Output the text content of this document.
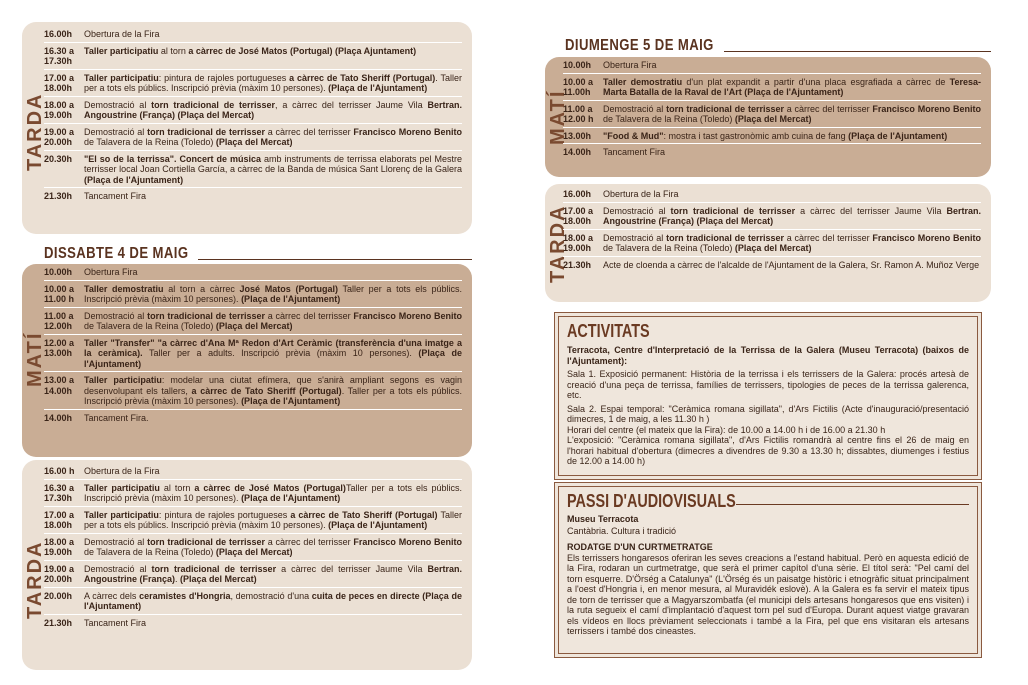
TARDA
16.00h	Obertura de la Fira
16.30 a
17.30h
Taller participatiu al torn a càrrec de José Matos (Portugal) (Plaça Ajuntament)
17.00 a
18.00h
Taller participatiu: pintura de rajoles portugueses a càrrec de Tato Sheriff (Portugal). Taller per a tots els públics. Inscripció prèvia (màxim 10 persones). (Plaça de l'Ajuntament)
18.00 a
19.00h
Demostració al torn tradicional de terrisser, a càrrec del terrisser Jaume Vila Bertran. Angoustrine (França) (Plaça del Mercat)
19.00 a
20.00h
Demostració al torn tradicional de terrisser a càrrec del terrisser Francisco Moreno Benito de Talavera de la Reina (Toledo) (Plaça del Mercat)
20.30h	"El so de la terrissa". Concert de música amb instruments de terrissa elaborats pel Mestre terrisser local Joan Cortiella García, a càrrec de la Banda de música Sant Llorenç de la Galera (Plaça de l'Ajuntament)
21.30h	Tancament Fira
DISSABTE 4 DE MAIG
MATÍ
10.00h	Obertura Fira
10.00 a
11.00 h
Taller demostratiu al torn a càrrec José Matos (Portugal) Taller per a tots els públics. Inscripció prèvia (màxim 10 persones). (Plaça de l'Ajuntament)
11.00 a
12.00h
Demostració al torn tradicional de terrisser a càrrec del terrisser Francisco Moreno Benito de Talavera de la Reina (Toledo) (Plaça del Mercat)
12.00 a
13.00h
Taller "Transfer" "a càrrec d'Ana Mª Redon d'Art Ceràmic (transferència d'una imatge a la ceràmica). Taller per a adults. Inscripció prèvia (màxim 10 persones). (Plaça de l'Ajuntament)
13.00 a
14.00h
Taller participatiu: modelar una ciutat efímera, que s'anirà ampliant segons es vagin desenvolupant els tallers, a càrrec de Tato Sheriff (Portugal). Taller per a tots els públics. Inscripció prèvia (màxim 10 persones). (Plaça de l'Ajuntament)
14.00h	Tancament Fira.
TARDA
16.00 h	Obertura de la Fira
16.30 a
17.30h
Taller participatiu al torn a càrrec de José Matos (Portugal)Taller per a tots els públics. Inscripció prèvia (màxim 10 persones). (Plaça de l'Ajuntament)
17.00 a
18.00h
Taller participatiu: pintura de rajoles portugueses a càrrec de Tato Sheriff (Portugal) Taller per a tots els públics. Inscripció prèvia (màxim 10 persones). (Plaça de l'Ajuntament)
18.00 a
19.00h
Demostració al torn tradicional de terrisser a càrrec del terrisser Francisco Moreno Benito de Talavera de la Reina (Toledo) (Plaça del Mercat)
19.00 a
20.00h
Demostració al torn tradicional de terrisser a càrrec del terrisser Jaume Vila Bertran. Angoustrine (França). (Plaça del Mercat)
20.00h	A càrrec dels ceramistes d'Hongria, demostració d'una cuita de peces en directe (Plaça de l'Ajuntament)
21.30h	Tancament Fira
DIUMENGE 5 DE MAIG
MATÍ
10.00h	Obertura Fira
10.00 a
11.00h
Taller demostratiu d'un plat expandit a partir d'una placa esgrafiada a càrrec de Teresa-Marta Batalla de la Raval de l'Art (Plaça de l'Ajuntament)
11.00 a
12.00 h
Demostració al torn tradicional de terrisser a càrrec del terrisser Francisco Moreno Benito de Talavera de la Reina (Toledo) (Plaça del Mercat)
13.00h	"Food & Mud": mostra i tast gastronòmic amb cuina de fang (Plaça de l'Ajuntament)
14.00h	Tancament Fira
TARDA
16.00h	Obertura de la Fira
17.00 a
18.00h
Demostració al torn tradicional de terrisser a càrrec del terrisser Jaume Vila Bertran. Angoustrine (França) (Plaça del Mercat)
18.00 a
19.00h
Demostració al torn tradicional de terrisser a càrrec del terrisser Francisco Moreno Benito de Talavera de la Reina (Toledo) (Plaça del Mercat)
21.30h	Acte de cloenda a càrrec de l'alcalde de l'Ajuntament de la Galera, Sr. Ramon A. Muñoz Verge
ACTIVITATS

Terracota, Centre d'Interpretació de la Terrissa de la Galera (Museu Terracota) (baixos de l'Ajuntament):

Sala 1. Exposició permanent: Història de la terrissa i els terrissers de la Galera: procés artesà de creació d'una peça de terrissa, famílies de terrissers, tipologies de peces de la terrissa galerenca, etc.

Sala 2. Espai temporal: "Ceràmica romana sigillata", d'Ars Fictilis (Acte d'inauguració/presentació dimecres, 1 de maig, a les 11.30 h )

Horari del centre (el mateix que la Fira): de 10.00 a 14.00 h i de 16.00 a 21.30 h

L'exposició: "Ceràmica romana sigillata", d'Ars Fictilis romandrà al centre fins el 26 de maig en l'horari habitual d'obertura (dimecres a divendres de 9.30 a 13.30 h; dissabtes, diumenges i festius de 12.00 a 14.00 h)

PASSI D'AUDIOVISUALS

Museu Terracota

Cantàbria. Cultura i tradició

RODATGE D'UN CURTMETRATGE

Els terrissers hongaresos oferiran les seves creacions a l'estand habitual. Però en aquesta edició de la Fira, rodaran un curtmetratge, que serà el primer capítol d'una sèrie. El títol serà: "Pel camí del torn esquerre. D'Örség a Catalunya" (L'Örség és un paisatge històric i etnogràfic situat principalment a l'oest d'Hongria i, en menor mesura, al Muravidék eslovè). A la Galera es fa servir el mateix tipus de torn de terrisser que a Magyarszombatfa (el municipi dels artesans hongaresos que ens visiten) i la ruta segueix el camí d'implantació d'aquest torn pel sud d'Europa. Durant aquest viatge gravaran els vídeos en llocs prèviament seleccionats i també a la Fira, pel que ens visitaran els artesans terrissers i també dos cineastes.
